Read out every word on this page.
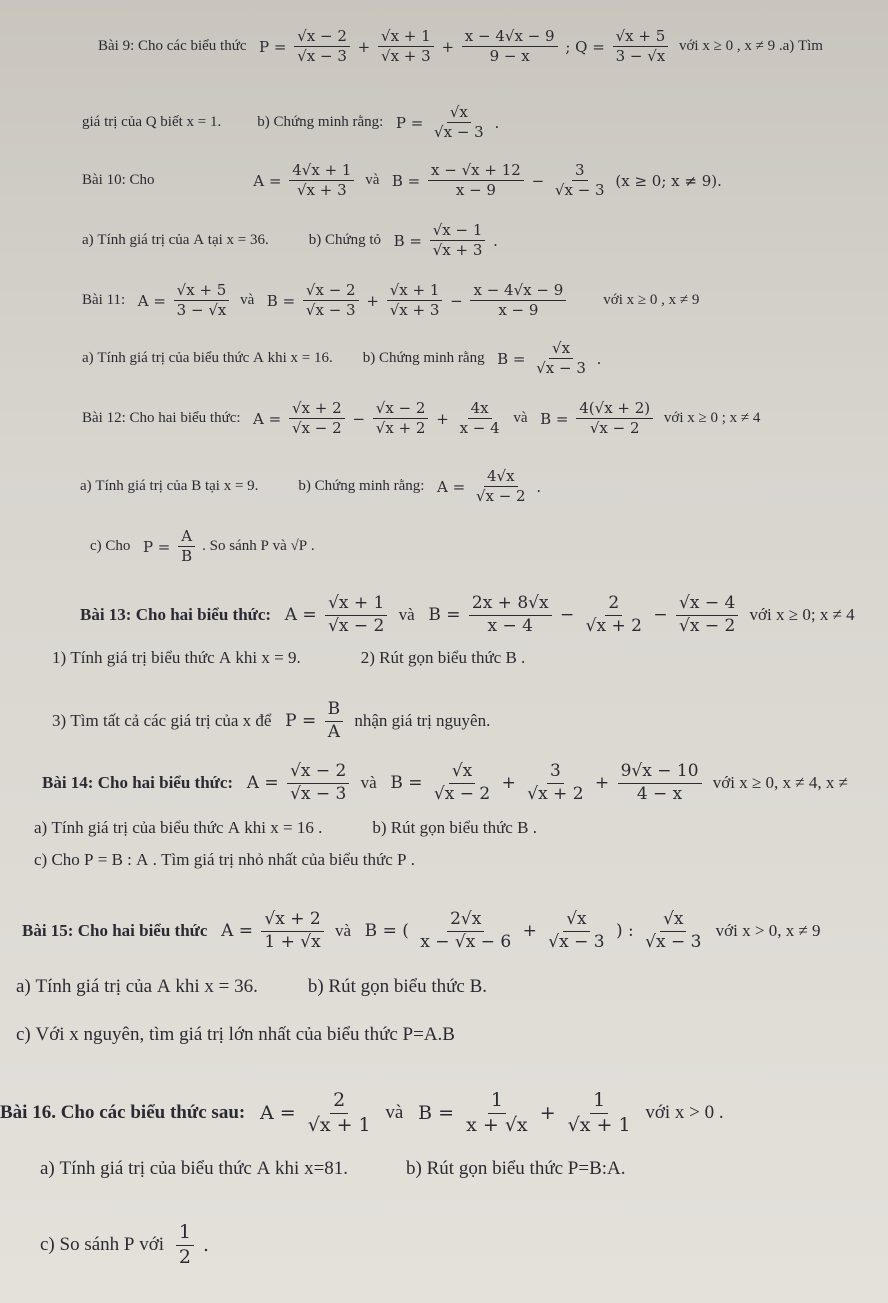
Bài 9: Cho các biểu thức $P = \frac{√x - 2}{√x - 3} + \frac{√x + 1}{√x + 3} + \frac{x - 4√x - 9}{9 - x}$ ; $Q = \frac{√x + 5}{3 - √x}$ với x ≥ 0 , x ≠ 9 .a) Tìm
giá trị của Q biết x = 1. b) Chứng minh rằng: $P = \frac{√x}{√x - 3}$ .
Bài 10: Cho	$A = \frac{4√x + 1}{√x + 3}$ và $B = \frac{x - √x + 12}{x - 9} - \frac{3}{√x - 3} (x \ge 0$; x ≠ 9).
a) Tính giá trị của A tại x = 36.	b) Chứng tỏ $B = \frac{√x - 1}{√x + 3}$ .
Bài 11: $A = \frac{√x + 5}{3 - √x}$ và $B = \frac{√x - 2}{√x - 3} + \frac{√x + 1}{√x + 3} - \frac{x - 4√x - 9}{x - 9}$ với x ≥ 0 , x ≠ 9
a) Tính giá trị của biểu thức A khi x = 16. b) Chứng minh rằng $B = \frac{√x}{√x - 3}$ .
Bài 12: Cho hai biểu thức: $A = \frac{√x + 2}{√x - 2} - \frac{√x - 2}{√x + 2} + \frac{4x}{x - 4}$ và $B = \frac{4(√x + 2)}{√x - 2}$ với x ≥ 0 ; x ≠ 4
a) Tính giá trị của B tại x = 9.	b) Chứng minh rằng: $A = \frac{4√x}{√x - 2}$ .
c) Cho $P = \frac{A}{B}$ . So sánh P và √P .
Bài 13: Cho hai biểu thức: $A = \frac{√x + 1}{√x - 2}$ và $B = \frac{2x + 8√x}{x - 4} - \frac{2}{√x + 2} - \frac{√x - 4}{√x - 2}$ với x ≥ 0; x ≠ 4
1) Tính giá trị biểu thức A khi x = 9.	2) Rút gọn biểu thức B .
3) Tìm tất cả các giá trị của x để $P = \frac{B}{A}$ nhận giá trị nguyên.
Bài 14: Cho hai biểu thức: $A = \frac{√x - 2}{√x - 3}$ và $B = \frac{√x}{√x - 2} + \frac{3}{√x + 2} + \frac{9√x - 10}{4 - x}$ với x ≥ 0, x ≠ 4, x ≠
a) Tính giá trị của biểu thức A khi x = 16 .	b) Rút gọn biểu thức B .
c) Cho P = B : A . Tìm giá trị nhỏ nhất của biểu thức P .
Bài 15: Cho hai biểu thức $A = \frac{√x + 2}{1 + √x}$ và B = ( $\frac{2√x}{x - √x - 6} + \frac{√x}{√x - 3}$ ) : $\frac{√x}{√x - 3}$ với x > 0, x ≠ 9
a) Tính giá trị của A khi x = 36.	b) Rút gọn biểu thức B.
c) Với x nguyên, tìm giá trị lớn nhất của biểu thức P=A.B
Bài 16. Cho các biểu thức sau: $A = \frac{2}{√x + 1}$ và $B = \frac{1}{x + √x} + \frac{1}{√x + 1}$ với x > 0 .
a) Tính giá trị của biểu thức A khi x=81.	b) Rút gọn biểu thức P=B:A.
c) So sánh P với $\frac{1}{2}$ .
